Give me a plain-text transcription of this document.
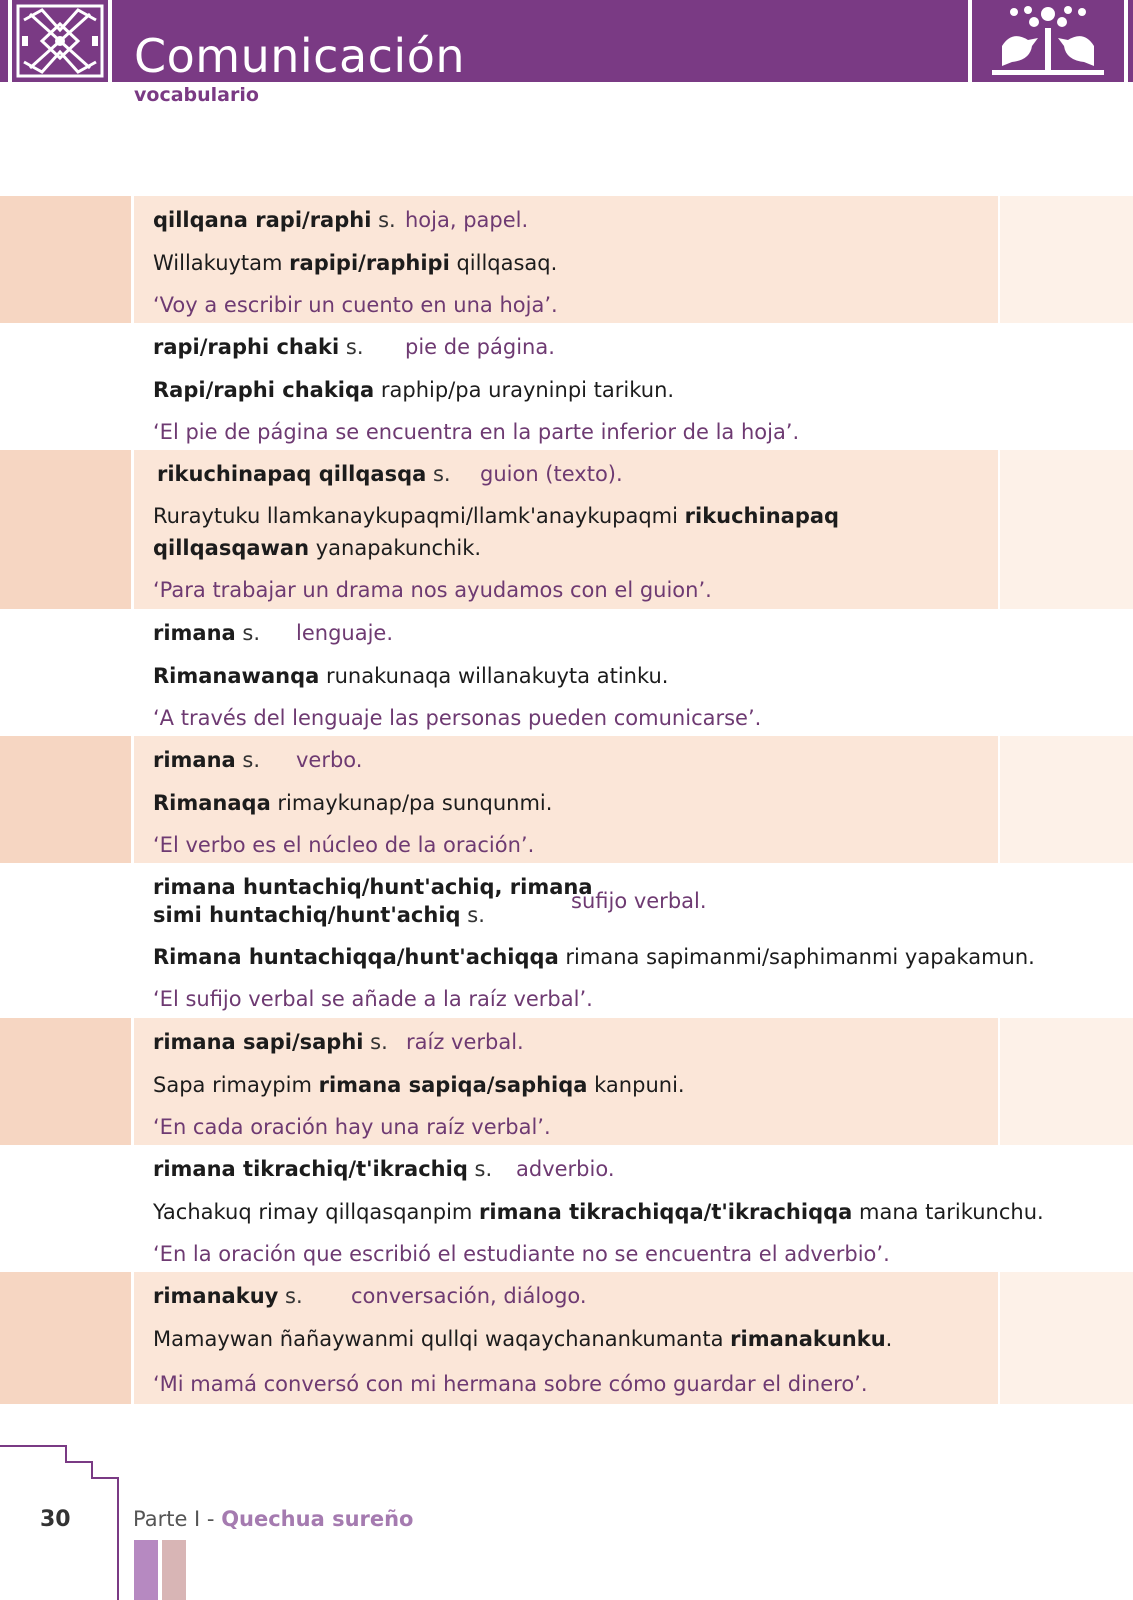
Comunicación
vocabulario
qillqana rapi/raphi s. hoja, papel.
Willakuytam rapipi/raphipi qillqasaq.
‘Voy a escribir un cuento en una hoja’.
rapi/raphi chaki s. pie de página.
Rapi/raphi chakiqa raphip/pa urayninpi tarikun.
‘El pie de página se encuentra en la parte inferior de la hoja’.
rikuchinapaq qillqasqa s. guion (texto).
Ruraytuku llamkanaykupaqmi/llamk'anaykupaqmi rikuchinapaq qillqasqawan yanapakunchik.
‘Para trabajar un drama nos ayudamos con el guion’.
rimana s. lenguaje.
Rimanawanqa runakunaqa willanakuyta atinku.
‘A través del lenguaje las personas pueden comunicarse’.
rimana s. verbo.
Rimanaqa rimaykunap/pa sunqunmi.
‘El verbo es el núcleo de la oración’.
rimana huntachiq/hunt'achiq, rimana
simi huntachiq/hunt'achiq s.
sufijo verbal.
Rimana huntachiqqa/hunt'achiqqa rimana sapimanmi/saphimanmi yapakamun.
‘El sufijo verbal se añade a la raíz verbal’.
rimana sapi/saphi s. raíz verbal.
Sapa rimaypim rimana sapiqa/saphiqa kanpuni.
‘En cada oración hay una raíz verbal’.
rimana tikrachiq/t'ikrachiq s. adverbio.
Yachakuq rimay qillqasqanpim rimana tikrachiqqa/t'ikrachiqqa mana tarikunchu.
‘En la oración que escribió el estudiante no se encuentra el adverbio’.
rimanakuy s. conversación, diálogo.
Mamaywan ñañaywanmi qullqi waqaychanankumanta rimanakunku.
‘Mi mamá conversó con mi hermana sobre cómo guardar el dinero’.
30	Parte I - Quechua sureño
